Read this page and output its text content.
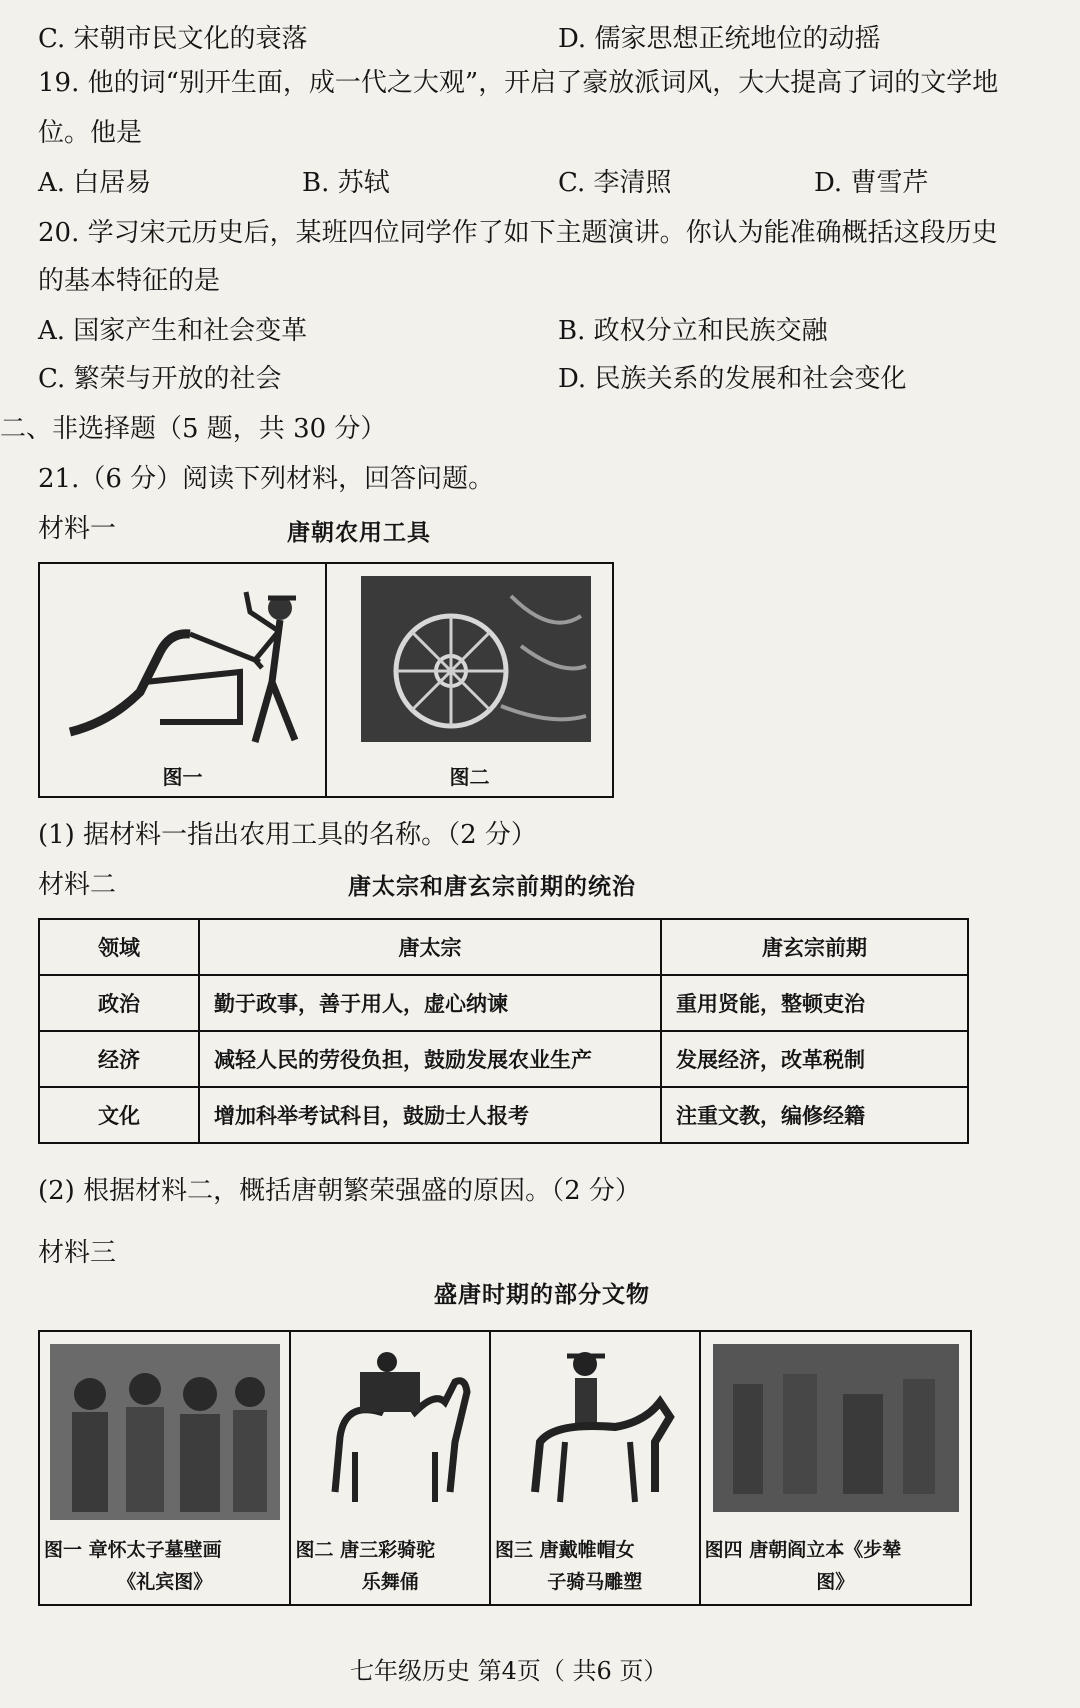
C. 宋朝市民文化的衰落	D. 儒家思想正统地位的动摇
19. 他的词“别开生面，成一代之大观”，开启了豪放派词风，大大提高了词的文学地
位。他是
A. 白居易	B. 苏轼	C. 李清照	D. 曹雪芹
20. 学习宋元历史后，某班四位同学作了如下主题演讲。你认为能准确概括这段历史
的基本特征的是
A. 国家产生和社会变革	B. 政权分立和民族交融
C. 繁荣与开放的社会	D. 民族关系的发展和社会变化
二、非选择题（5 题，共 30 分）
21.（6 分）阅读下列材料，回答问题。
材料一	唐朝农用工具
图一	图二
(1) 据材料一指出农用工具的名称。（2 分）
材料二	唐太宗和唐玄宗前期的统治
领域	唐太宗	唐玄宗前期
政治	勤于政事，善于用人，虚心纳谏	重用贤能，整顿吏治
经济	减轻人民的劳役负担，鼓励发展农业生产	发展经济，改革税制
文化	增加科举考试科目，鼓励士人报考	注重文教，编修经籍
(2) 根据材料二，概括唐朝繁荣强盛的原因。（2 分）
材料三
盛唐时期的部分文物
图一 章怀太子墓壁画
《礼宾图》
图二 唐三彩骑驼
乐舞俑
图三 唐戴帷帽女
子骑马雕塑
图四 唐朝阎立本《步辇
图》
七年级历史 第4页（ 共6 页）
